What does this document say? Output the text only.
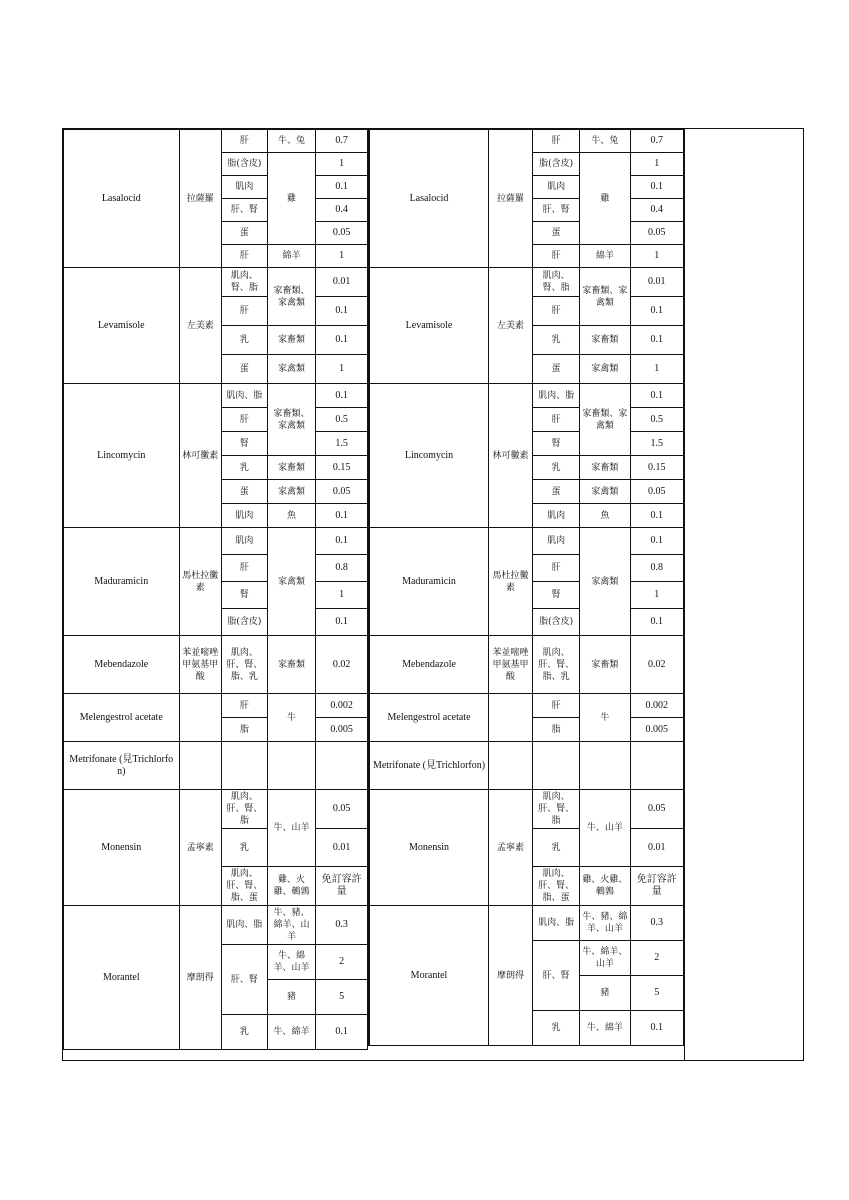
Lasalocid	拉薩羅	肝	牛、兔	0.7
		脂(含皮)	雞	1
		肌肉		0.1
		肝、腎		0.4
		蛋		0.05
		肝	綿羊	1
Levamisole	左美素	肌肉、腎、脂	家畜類、家禽類	0.01
		肝		0.1
		乳	家畜類	0.1
		蛋	家禽類	1
Lincomycin	林可黴素	肌肉、脂	家畜類、家禽類	0.1
		肝		0.5
		腎		1.5
		乳	家畜類	0.15
		蛋	家禽類	0.05
		肌肉	魚	0.1
Maduramicin	馬杜拉黴素	肌肉	家禽類	0.1
		肝		0.8
		腎		1
		脂(含皮)		0.1
Mebendazole	苯並嘧唑甲氨基甲酸	肌肉、肝、腎、脂、乳	家畜類	0.02
Melengestrol acetate		肝	牛	0.002
		脂		0.005
Metrifonate (見Trichlorfon)				
Monensin	孟寧素	肌肉、肝、腎、脂	牛、山羊	0.05
		乳		0.01
		肌肉、肝、腎、脂、蛋	雞、火雞、鵪鶉	免訂容許量
Morantel	摩朗得	肌肉、脂	牛、豬、綿羊、山羊	0.3
		肝、腎	牛、綿羊、山羊	2
			豬	5
		乳	牛、綿羊	0.1
Lasalocid	拉薩羅	肝	牛、兔	0.7
		脂(含皮)	雞	1
		肌肉		0.1
		肝、腎		0.4
		蛋		0.05
		肝	綿羊	1
Levamisole	左美素	肌肉、腎、脂	家畜類、家禽類	0.01
		肝		0.1
		乳	家畜類	0.1
		蛋	家禽類	1
Lincomycin	林可黴素	肌肉、脂	家畜類、家禽類	0.1
		肝		0.5
		腎		1.5
		乳	家畜類	0.15
		蛋	家禽類	0.05
		肌肉	魚	0.1
Maduramicin	馬杜拉黴素	肌肉	家禽類	0.1
		肝		0.8
		腎		1
		脂(含皮)		0.1
Mebendazole	苯並嘧唑甲氨基甲酸	肌肉、肝、腎、脂、乳	家畜類	0.02
Melengestrol acetate		肝	牛	0.002
		脂		0.005
Metrifonate (見Trichlorfon)				
Monensin	孟寧素	肌肉、肝、腎、脂	牛、山羊	0.05
		乳		0.01
		肌肉、肝、腎、脂、蛋	雞、火雞、鵪鶉	免訂容許量
Morantel	摩朗得	肌肉、脂	牛、豬、綿羊、山羊	0.3
		肝、腎	牛、綿羊、山羊	2
			豬	5
		乳	牛、綿羊	0.1
